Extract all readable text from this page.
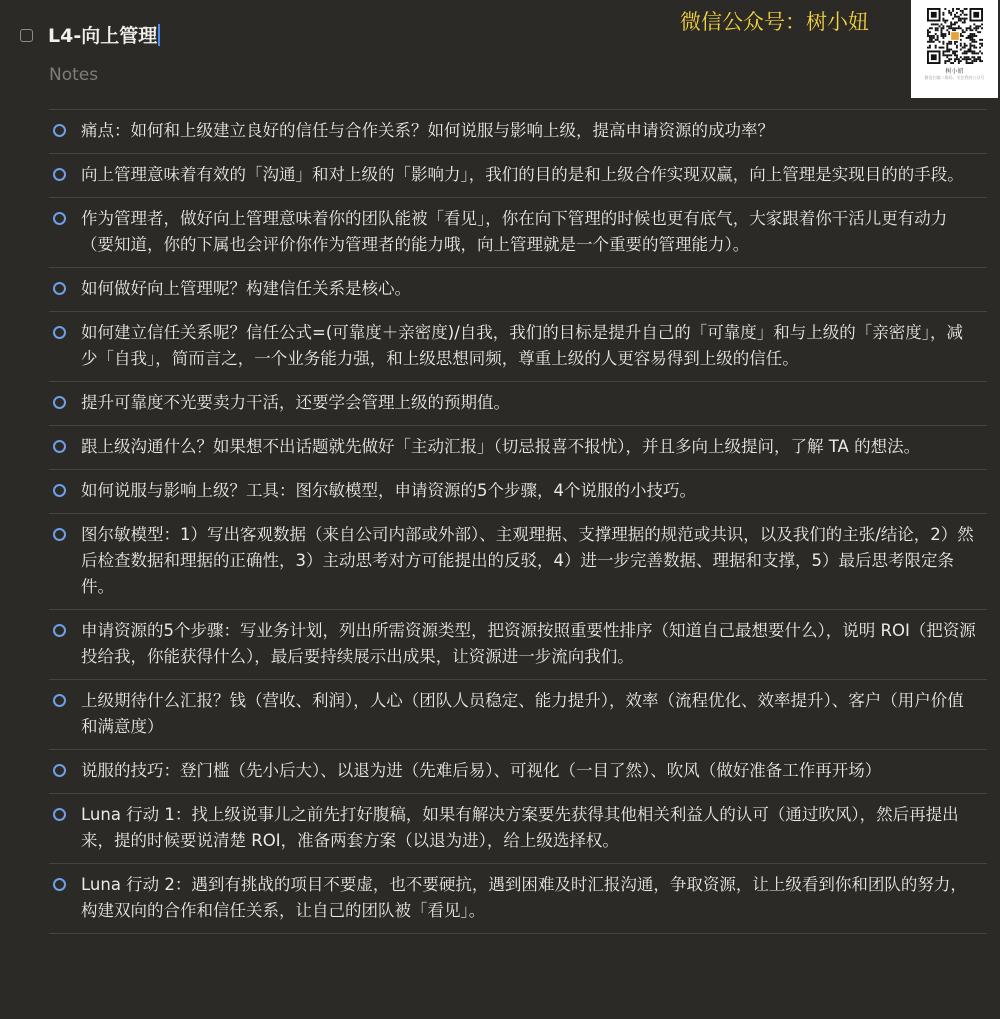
L4-向上管理
Notes
微信公众号：树小妞
树小妞
微信扫描二维码，关注我的公众号
痛点：如何和上级建立良好的信任与合作关系？如何说服与影响上级，提高申请资源的成功率？
向上管理意味着有效的「沟通」和对上级的「影响力」，我们的目的是和上级合作实现双赢，向上管理是实现目的的手段。
作为管理者，做好向上管理意味着你的团队能被「看见」，你在向下管理的时候也更有底气，大家跟着你干活儿更有动力（要知道，你的下属也会评价你作为管理者的能力哦，向上管理就是一个重要的管理能力）。
如何做好向上管理呢？构建信任关系是核心。
如何建立信任关系呢？信任公式=(可靠度＋亲密度)/自我，我们的目标是提升自己的「可靠度」和与上级的「亲密度」，减少「自我」，简而言之，一个业务能力强，和上级思想同频，尊重上级的人更容易得到上级的信任。
提升可靠度不光要卖力干活，还要学会管理上级的预期值。
跟上级沟通什么？如果想不出话题就先做好「主动汇报」（切忌报喜不报忧），并且多向上级提问，了解 TA 的想法。
如何说服与影响上级？工具：图尔敏模型，申请资源的5个步骤，4个说服的小技巧。
图尔敏模型：1）写出客观数据（来自公司内部或外部）、主观理据、支撑理据的规范或共识，以及我们的主张/结论，2）然后检查数据和理据的正确性，3）主动思考对方可能提出的反驳，4）进一步完善数据、理据和支撑，5）最后思考限定条件。
申请资源的5个步骤：写业务计划，列出所需资源类型，把资源按照重要性排序（知道自己最想要什么），说明 ROI（把资源投给我，你能获得什么），最后要持续展示出成果，让资源进一步流向我们。
上级期待什么汇报？钱（营收、利润），人心（团队人员稳定、能力提升），效率（流程优化、效率提升）、客户（用户价值和满意度）
说服的技巧：登门槛（先小后大）、以退为进（先难后易）、可视化（一目了然）、吹风（做好准备工作再开场）
Luna 行动 1：找上级说事儿之前先打好腹稿，如果有解决方案要先获得其他相关利益人的认可（通过吹风），然后再提出来，提的时候要说清楚 ROI，准备两套方案（以退为进），给上级选择权。
Luna 行动 2：遇到有挑战的项目不要虚，也不要硬抗，遇到困难及时汇报沟通，争取资源，让上级看到你和团队的努力，构建双向的合作和信任关系，让自己的团队被「看见」。
